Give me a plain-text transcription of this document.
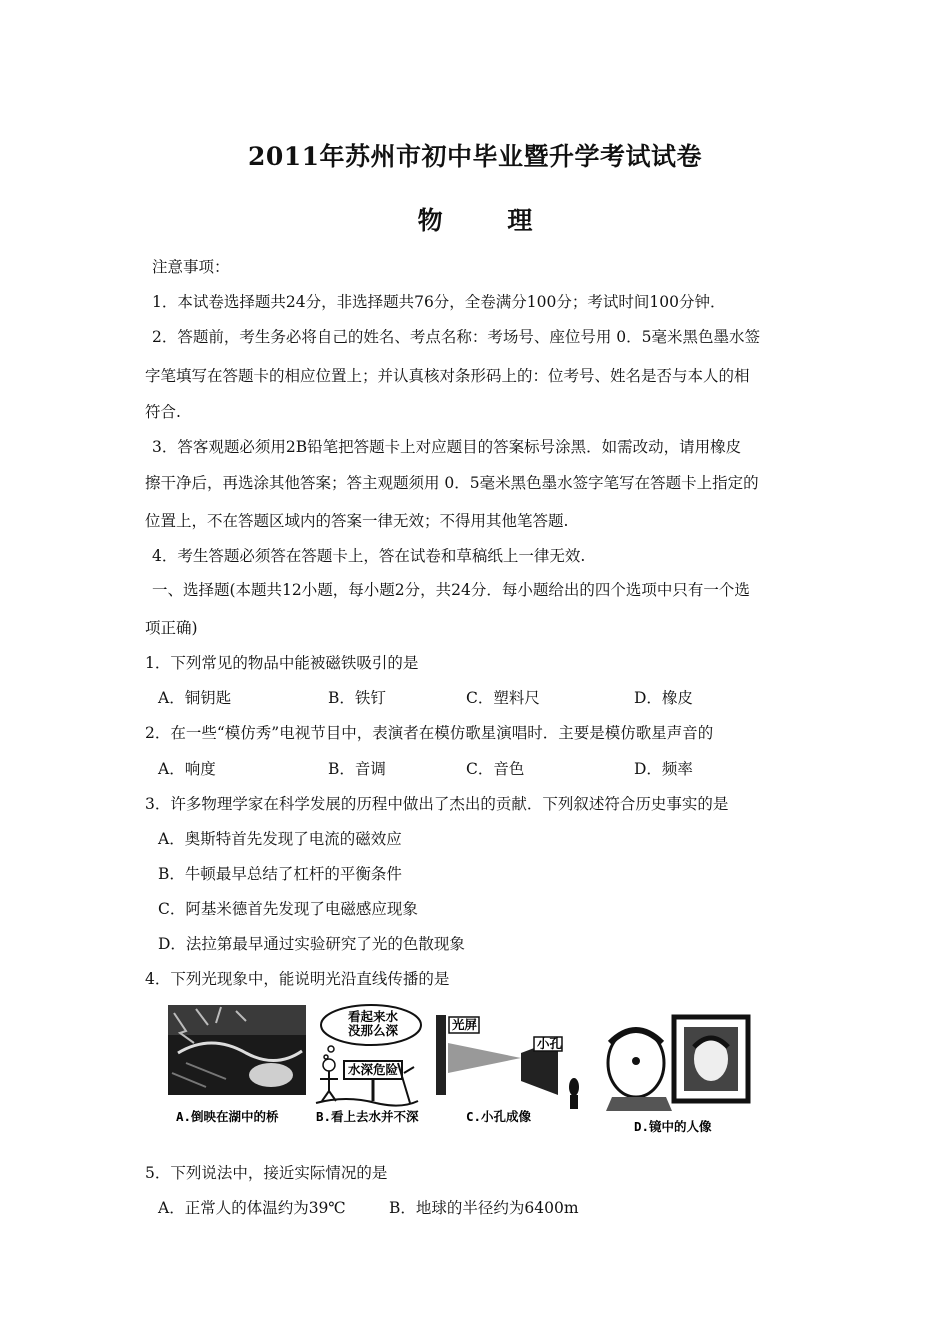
2011年苏州市初中毕业暨升学考试试卷
物 理
注意事项：
1．本试卷选择题共24分，非选择题共76分，全卷满分100分；考试时间100分钟．
2．答题前，考生务必将自己的姓名、考点名称：考场号、座位号用 0．5毫米黑色墨水签
字笔填写在答题卡的相应位置上；并认真核对条形码上的：位考号、姓名是否与本人的相
符合.
3．答客观题必须用2B铅笔把答题卡上对应题目的答案标号涂黑．如需改动，请用橡皮
擦干净后，再选涂其他答案；答主观题须用 0．5毫米黑色墨水签字笔写在答题卡上指定的
位置上，不在答题区域内的答案一律无效；不得用其他笔答题.
4．考生答题必须答在答题卡上，答在试卷和草稿纸上一律无效.
一、选择题(本题共12小题，每小题2分，共24分．每小题给出的四个选项中只有一个选
项正确)
1．下列常见的物品中能被磁铁吸引的是
A．铜钥匙	B．铁钉	C．塑料尺	D．橡皮
2．在一些“模仿秀”电视节目中，表演者在模仿歌星演唱时．主要是模仿歌星声音的
A．响度	B．音调	C．音色	D．频率
3．许多物理学家在科学发展的历程中做出了杰出的贡献．下列叙述符合历史事实的是
A．奥斯特首先发现了电流的磁效应
B．牛顿最早总结了杠杆的平衡条件
C．阿基米德首先发现了电磁感应现象
D．法拉第最早通过实验研究了光的色散现象
4．下列光现象中，能说明光沿直线传播的是
A.倒映在湖中的桥
看起来水
没那么深
水深危险
B.看上去水并不深
光屏
小孔
C.小孔成像
D.镜中的人像
5．下列说法中，接近实际情况的是
A．正常人的体温约为39℃	B．地球的半径约为6400m
